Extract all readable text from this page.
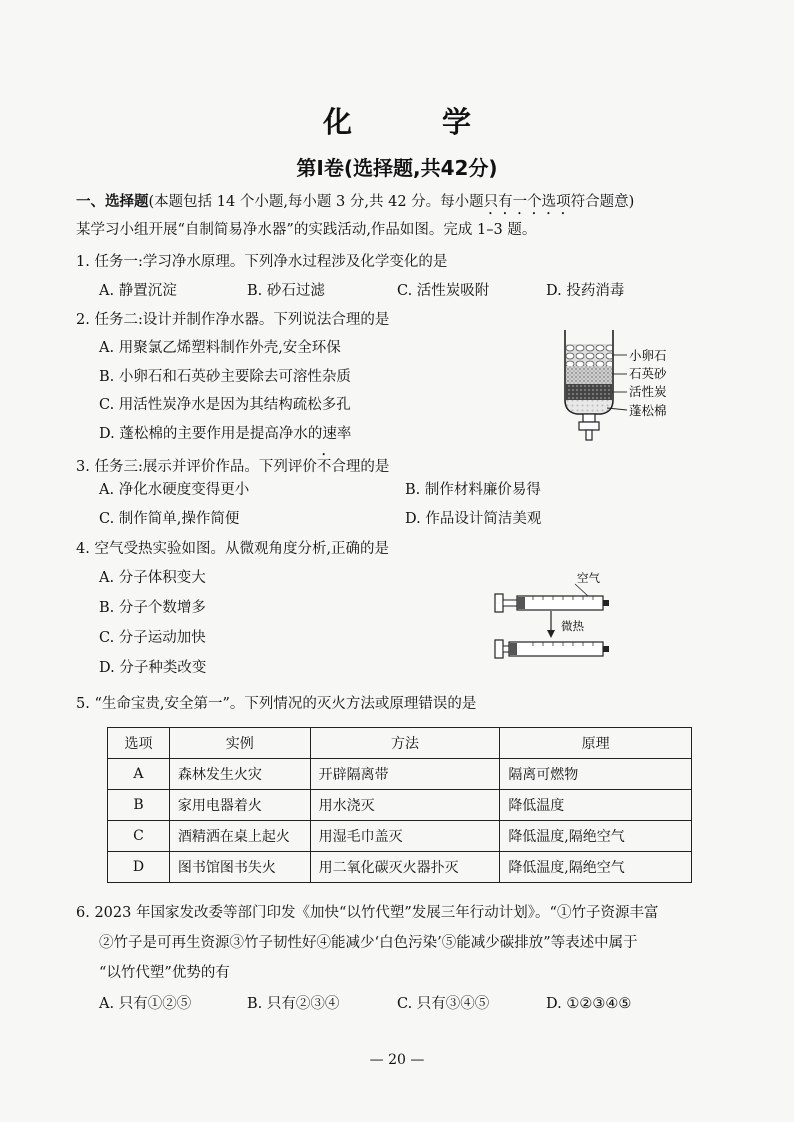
化 学
第Ⅰ卷(选择题,共42分)
一、选择题(本题包括 14 个小题,每小题 3 分,共 42 分。每小题只有一个选项符合题意)
某学习小组开展“自制简易净水器”的实践活动,作品如图。完成 1–3 题。
1. 任务一:学习净水原理。下列净水过程涉及化学变化的是
A. 静置沉淀	B. 砂石过滤	C. 活性炭吸附	D. 投药消毒
2. 任务二:设计并制作净水器。下列说法合理的是
A. 用聚氯乙烯塑料制作外壳,安全环保
B. 小卵石和石英砂主要除去可溶性杂质
C. 用活性炭净水是因为其结构疏松多孔
D. 蓬松棉的主要作用是提高净水的速率
小卵石
石英砂
活性炭
蓬松棉
3. 任务三:展示并评价作品。下列评价不合理的是
A. 净化水硬度变得更小	B. 制作材料廉价易得
C. 制作简单,操作简便	D. 作品设计简洁美观
4. 空气受热实验如图。从微观角度分析,正确的是
A. 分子体积变大
B. 分子个数增多
C. 分子运动加快
D. 分子种类改变
空气
微热
5. “生命宝贵,安全第一”。下列情况的灭火方法或原理错误的是
选项	实例	方法	原理
A	森林发生火灾	开辟隔离带	隔离可燃物
B	家用电器着火	用水浇灭	降低温度
C	酒精洒在桌上起火	用湿毛巾盖灭	降低温度,隔绝空气
D	图书馆图书失火	用二氧化碳灭火器扑灭	降低温度,隔绝空气
6. 2023 年国家发改委等部门印发《加快“以竹代塑”发展三年行动计划》。“①竹子资源丰富
②竹子是可再生资源③竹子韧性好④能减少‘白色污染’⑤能减少碳排放”等表述中属于
“以竹代塑”优势的有
A. 只有①②⑤	B. 只有②③④	C. 只有③④⑤	D. ①②③④⑤
— 20 —
